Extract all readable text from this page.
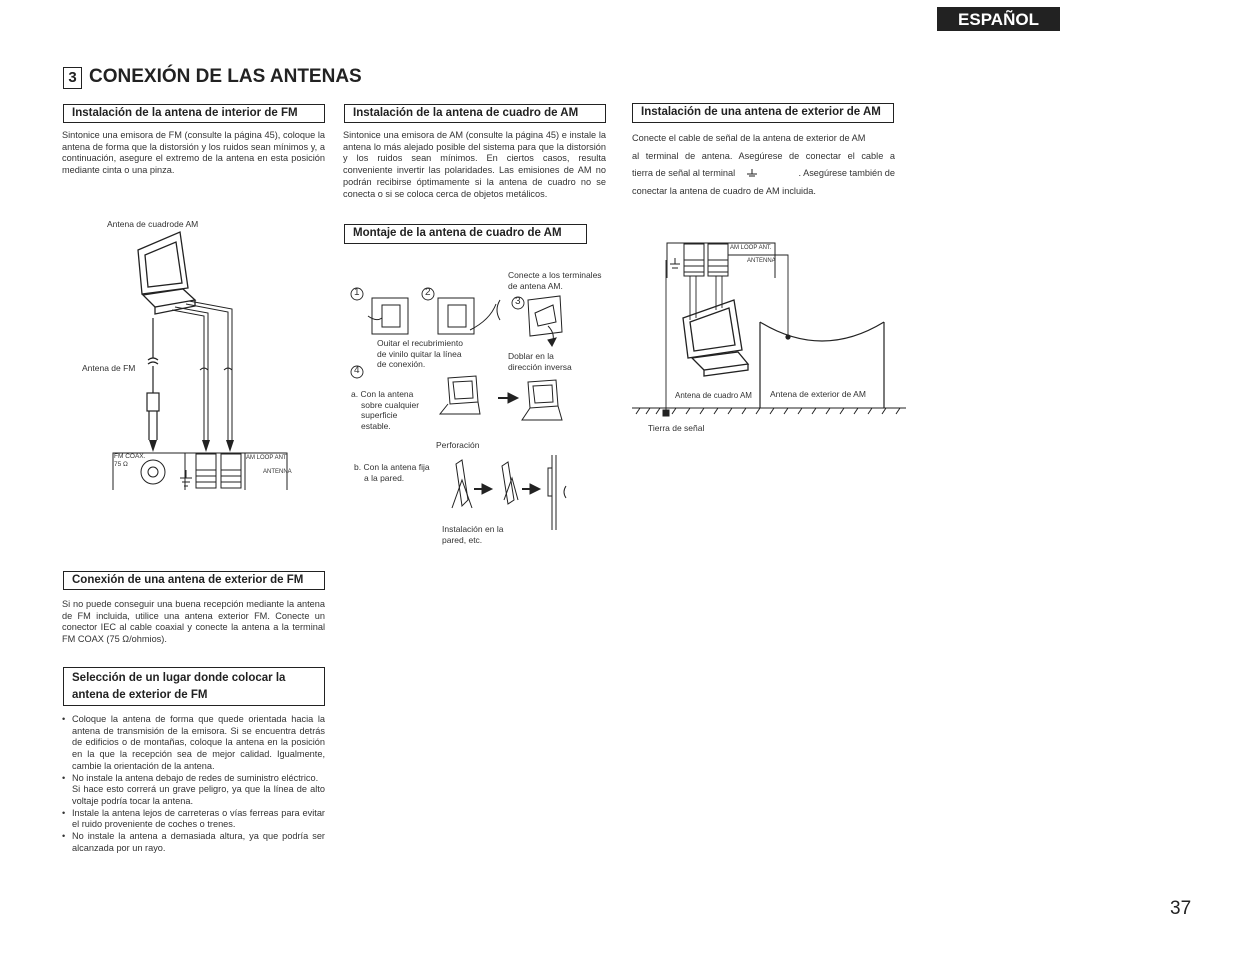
ESPAÑOL
3 CONEXIÓN DE LAS ANTENAS
Instalación de la antena de interior de FM
Sintonice una emisora de FM (consulte la página 45), coloque la antena de forma que la distorsión y los ruidos sean mínimos y, a continuación, asegure el extremo de la antena en esta posición mediante cinta o una pinza.
Antena de cuadrode AM
Antena de FM
FM COAX.
75 Ω
AM LOOP ANT.
ANTENNA
Conexión de una antena de exterior de FM
Si no puede conseguir una buena recepción mediante la antena de FM incluida, utilice una antena exterior FM. Conecte un conector IEC al cable coaxial y conecte la antena a la terminal FM COAX (75 Ω/ohmios).
Selección de un lugar donde colocar la
antena de exterior de FM
• Coloque la antena de forma que quede orientada hacia la antena de transmisión de la emisora. Si se encuentra detrás de edificios o de montañas, coloque la antena en la posición en la que la recepción sea de mejor calidad. Igualmente, cambie la orientación de la antena.
• No instale la antena debajo de redes de suministro eléctrico.
Si hace esto correrá un grave peligro, ya que la línea de alto voltaje podría tocar la antena.
• Instale la antena lejos de carreteras o vías ferreas para evitar el ruido proveniente de coches o trenes.
• No instale la antena a demasiada altura, ya que podría ser alcanzada por un rayo.
Instalación de la antena de cuadro de AM
Sintonice una emisora de AM (consulte la página 45) e instale la antena lo más alejado posible del sistema para que la distorsión y los ruidos sean mínimos. En ciertos casos, resulta conveniente invertir las polaridades. Las emisiones de AM no podrán recibirse óptimamente si la antena de cuadro no se conecta o si se coloca cerca de objetos metálicos.
Montaje de la antena de cuadro de AM
1	2
3
4
Conecte a los terminales
de antena AM.
Ouitar el recubrimiento
de vinilo quitar la línea
de conexión.
Doblar en la
dirección inversa
a. Con la antena
sobre cualquier
superficie
estable.
Perforación
b. Con la antena fija
a la pared.
Instalación en la
pared, etc.
Instalación de una antena de exterior de AM
Conecte el cable de señal de la antena de exterior de AM
al terminal de antena. Asegúrese de conectar el cable a
tierra de señal al terminal	. Asegúrese también de
conectar la antena de cuadro de AM incluida.
AM LOOP ANT.
ANTENNA
Antena de cuadro AM Antena de exterior de AM
Tierra de señal
37
